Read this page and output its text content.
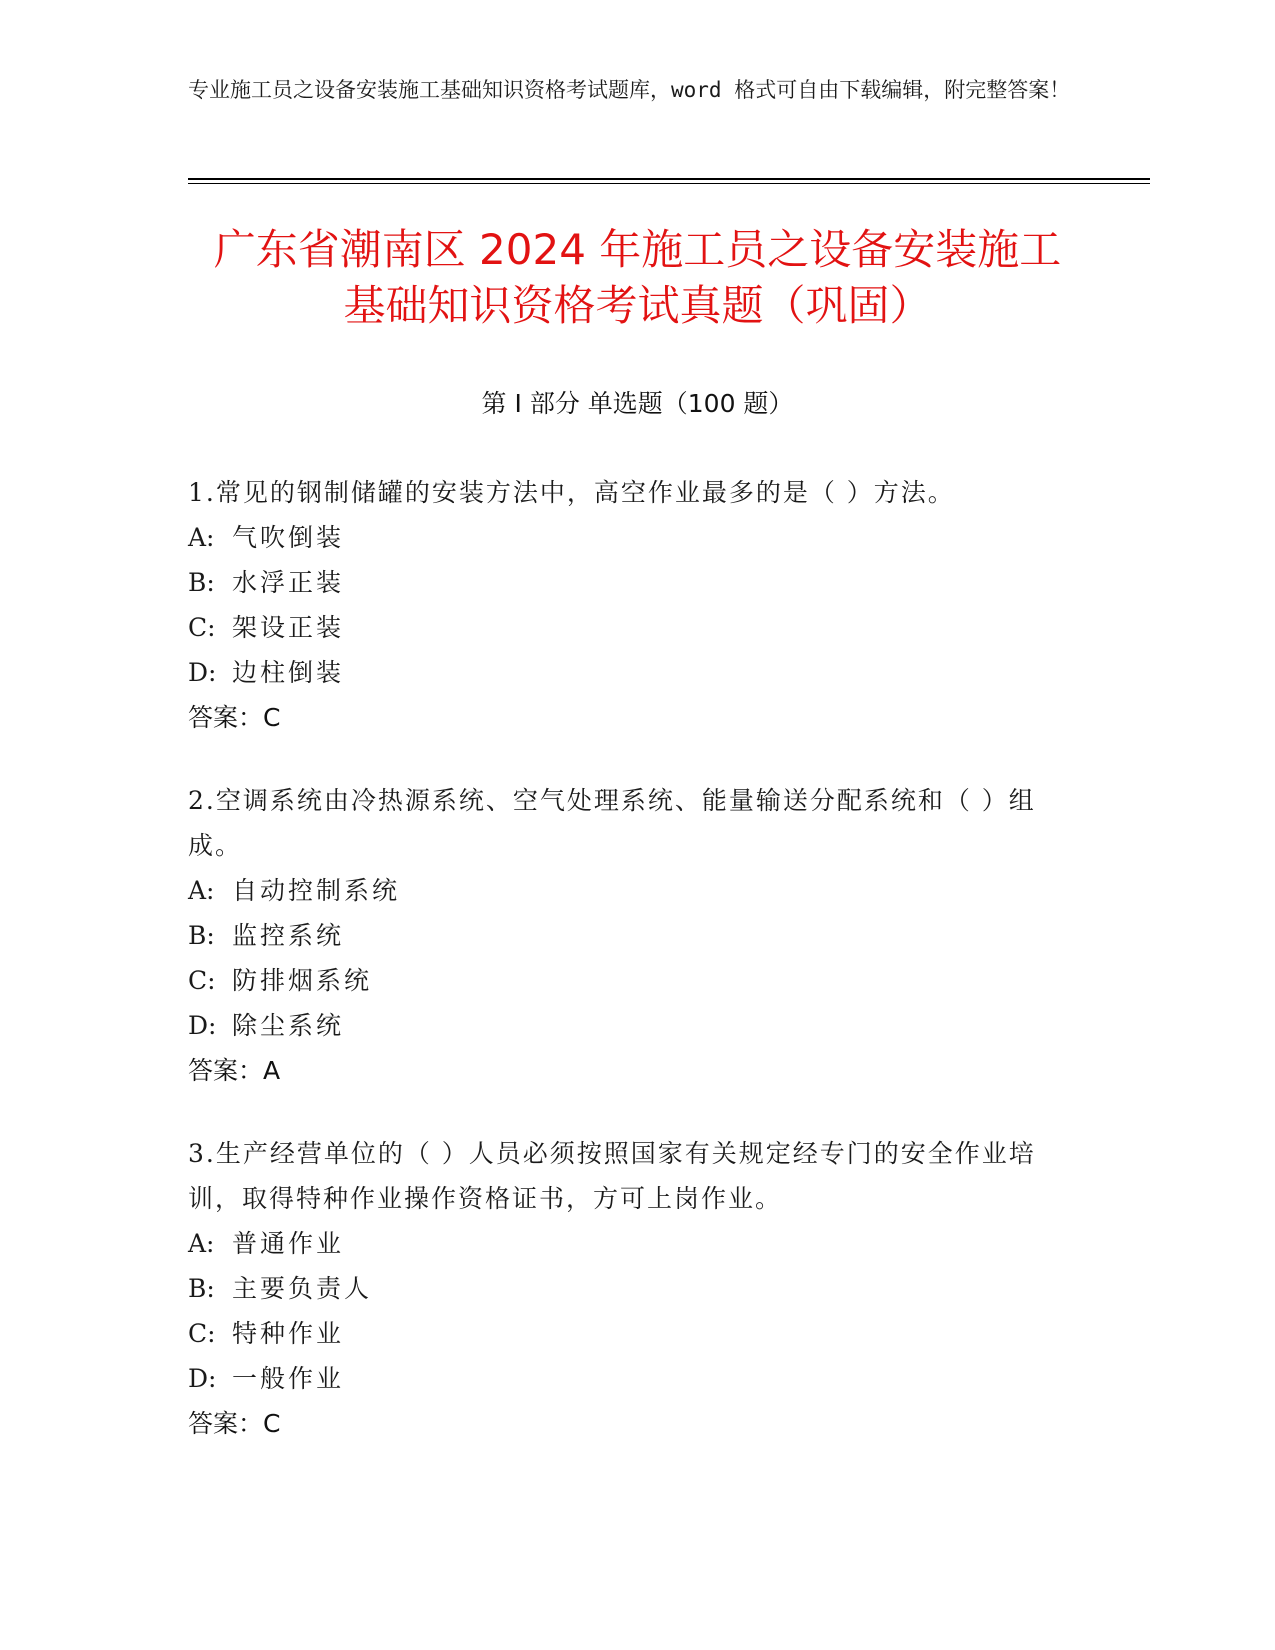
专业施工员之设备安装施工基础知识资格考试题库，word 格式可自由下载编辑，附完整答案！
广东省潮南区 2024 年施工员之设备安装施工
基础知识资格考试真题（巩固）
第 I 部分 单选题（100 题）
1.常见的钢制储罐的安装方法中，高空作业最多的是（ ）方法。
A: 气吹倒装
B: 水浮正装
C: 架设正装
D: 边柱倒装
答案：C
2.空调系统由冷热源系统、空气处理系统、能量输送分配系统和（ ）组成。
A: 自动控制系统
B: 监控系统
C: 防排烟系统
D: 除尘系统
答案：A
3.生产经营单位的（ ）人员必须按照国家有关规定经专门的安全作业培训，取得特种作业操作资格证书，方可上岗作业。
A: 普通作业
B: 主要负责人
C: 特种作业
D: 一般作业
答案：C
